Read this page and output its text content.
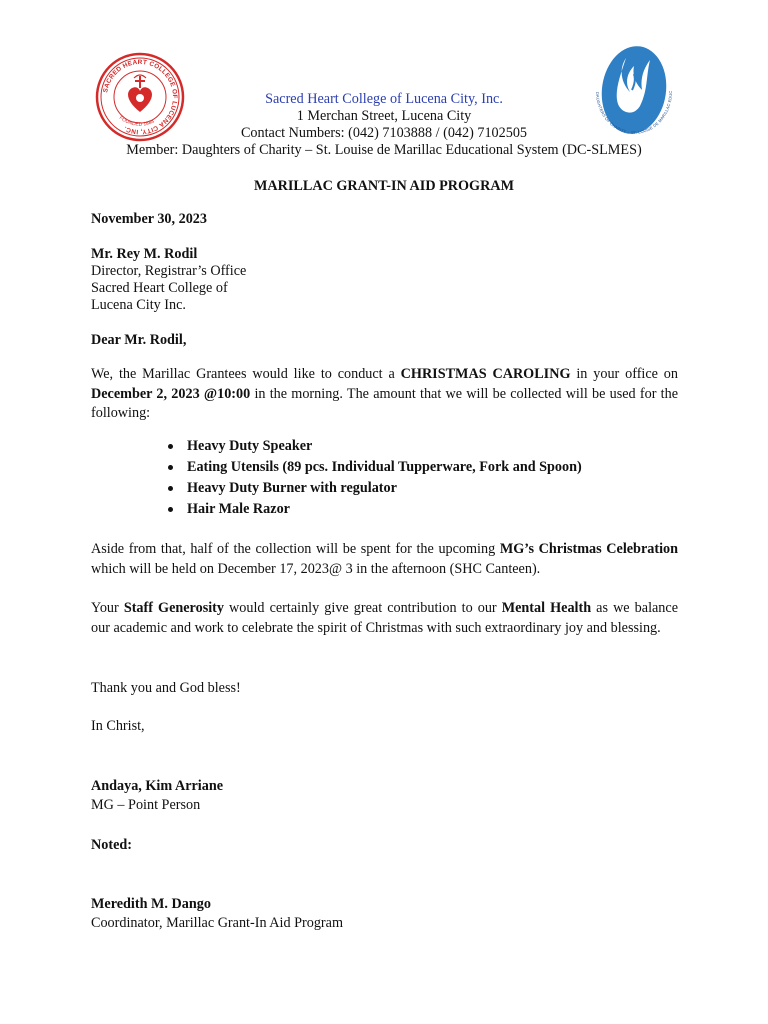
SACRED HEART COLLEGE OF LUCENA CITY, INC.
FOUNDED 1884
DAUGHTERS OF CHARITY – ST. LOUISE DE MARILLAC EDUC
Sacred Heart College of Lucena City, Inc.
1 Merchan Street, Lucena City
Contact Numbers: (042) 7103888 / (042) 7102505
Member: Daughters of Charity – St. Louise de Marillac Educational System (DC-SLMES)
MARILLAC GRANT-IN AID PROGRAM
November 30, 2023
Mr. Rey M. Rodil
Director, Registrar’s Office
Sacred Heart College of
Lucena City Inc.
Dear Mr. Rodil,
We, the Marillac Grantees would like to conduct a CHRISTMAS CAROLING in your office on December 2, 2023 @10:00 in the morning. The amount that we will be collected will be used for the following:
Heavy Duty Speaker
Eating Utensils (89 pcs. Individual Tupperware, Fork and Spoon)
Heavy Duty Burner with regulator
Hair Male Razor
Aside from that, half of the collection will be spent for the upcoming MG’s Christmas Celebration which will be held on December 17, 2023@ 3 in the afternoon (SHC Canteen).
Your Staff Generosity would certainly give great contribution to our Mental Health as we balance our academic and work to celebrate the spirit of Christmas with such extraordinary joy and blessing.
Thank you and God bless!
In Christ,
Andaya, Kim Arriane
MG – Point Person
Noted:
Meredith M. Dango
Coordinator, Marillac Grant-In Aid Program
